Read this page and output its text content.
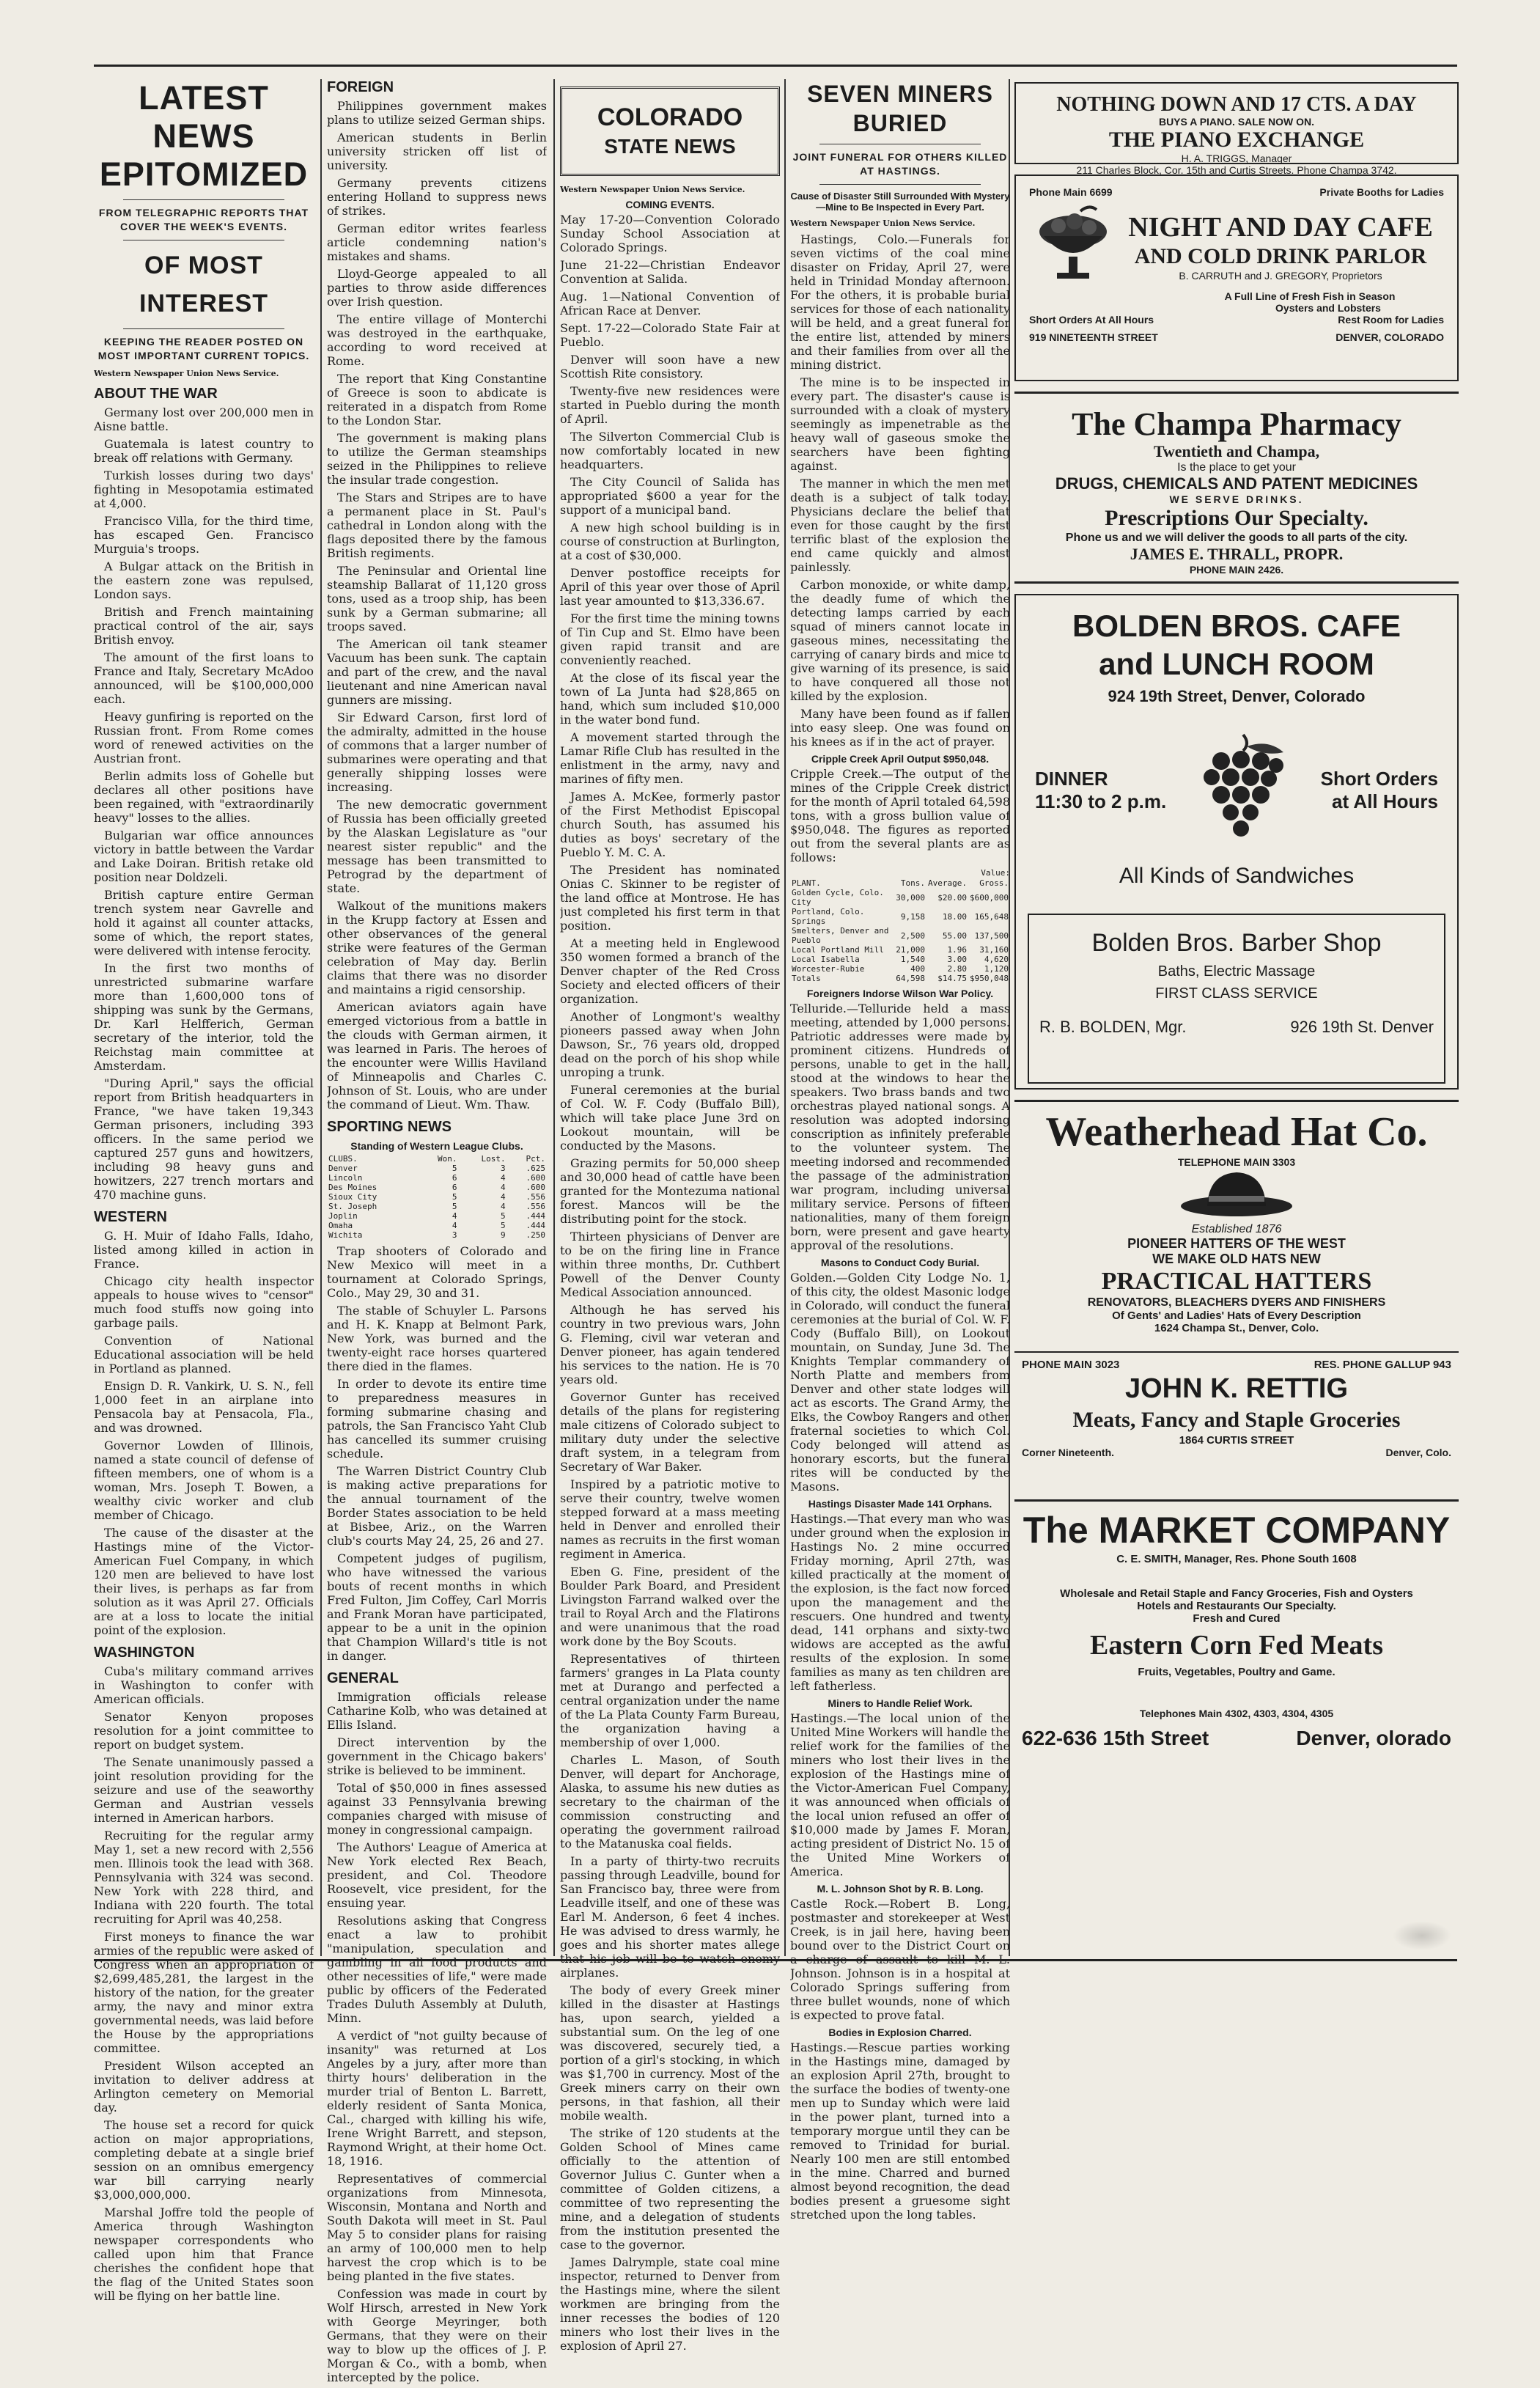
LATEST NEWS
EPITOMIZED
FROM TELEGRAPHIC REPORTS THAT COVER THE WEEK'S EVENTS.
OF MOST INTEREST
KEEPING THE READER POSTED ON MOST IMPORTANT CURRENT TOPICS.
Western Newspaper Union News Service.
ABOUT THE WAR

Germany lost over 200,000 men in Aisne battle.

Guatemala is latest country to break off relations with Germany.

Turkish losses during two days' fighting in Mesopotamia estimated at 4,000.

Francisco Villa, for the third time, has escaped Gen. Francisco Murguia's troops.

A Bulgar attack on the British in the eastern zone was repulsed, London says.

British and French maintaining practical control of the air, says British envoy.

The amount of the first loans to France and Italy, Secretary McAdoo announced, will be $100,000,000 each.

Heavy gunfiring is reported on the Russian front. From Rome comes word of renewed activities on the Austrian front.

Berlin admits loss of Gohelle but declares all other positions have been regained, with "extraordinarily heavy" losses to the allies.

Bulgarian war office announces victory in battle between the Vardar and Lake Doiran. British retake old position near Doldzeli.

British capture entire German trench system near Gavrelle and hold it against all counter attacks, some of which, the report states, were delivered with intense ferocity.

In the first two months of unrestricted submarine warfare more than 1,600,000 tons of shipping was sunk by the Germans, Dr. Karl Helfferich, German secretary of the interior, told the Reichstag main committee at Amsterdam.

"During April," says the official report from British headquarters in France, "we have taken 19,343 German prisoners, including 393 officers. In the same period we captured 257 guns and howitzers, including 98 heavy guns and howitzers, 227 trench mortars and 470 machine guns.

WESTERN

G. H. Muir of Idaho Falls, Idaho, listed among killed in action in France.

Chicago city health inspector appeals to house wives to "censor" much food stuffs now going into garbage pails.

Convention of National Educational association will be held in Portland as planned.

Ensign D. R. Vankirk, U. S. N., fell 1,000 feet in an airplane into Pensacola bay at Pensacola, Fla., and was drowned.

Governor Lowden of Illinois, named a state council of defense of fifteen members, one of whom is a woman, Mrs. Joseph T. Bowen, a wealthy civic worker and club member of Chicago.

The cause of the disaster at the Hastings mine of the Victor-American Fuel Company, in which 120 men are believed to have lost their lives, is perhaps as far from solution as it was April 27. Officials are at a loss to locate the initial point of the explosion.

WASHINGTON

Cuba's military command arrives in Washington to confer with American officials.

Senator Kenyon proposes resolution for a joint committee to report on budget system.

The Senate unanimously passed a joint resolution providing for the seizure and use of the seaworthy German and Austrian vessels interned in American harbors.

Recruiting for the regular army May 1, set a new record with 2,556 men. Illinois took the lead with 368. Pennsylvania with 324 was second. New York with 228 third, and Indiana with 220 fourth. The total recruiting for April was 40,258.

First moneys to finance the war armies of the republic were asked of Congress when an appropriation of $2,699,485,281, the largest in the history of the nation, for the greater army, the navy and minor extra governmental needs, was laid before the House by the appropriations committee.

President Wilson accepted an invitation to deliver address at Arlington cemetery on Memorial day.

The house set a record for quick action on major appropriations, completing debate at a single brief session on an omnibus emergency war bill carrying nearly $3,000,000,000.

Marshal Joffre told the people of America through Washington newspaper correspondents who called upon him that France cherishes the confident hope that the flag of the United States soon will be flying on her battle line.

FOREIGN

Philippines government makes plans to utilize seized German ships.

American students in Berlin university stricken off list of university.

Germany prevents citizens entering Holland to suppress news of strikes.

German editor writes fearless article condemning nation's mistakes and shams.

Lloyd-George appealed to all parties to throw aside differences over Irish question.

The entire village of Monterchi was destroyed in the earthquake, according to word received at Rome.

The report that King Constantine of Greece is soon to abdicate is reiterated in a dispatch from Rome to the London Star.

The government is making plans to utilize the German steamships seized in the Philippines to relieve the insular trade congestion.

The Stars and Stripes are to have a permanent place in St. Paul's cathedral in London along with the flags deposited there by the famous British regiments.

The Peninsular and Oriental line steamship Ballarat of 11,120 gross tons, used as a troop ship, has been sunk by a German submarine; all troops saved.

The American oil tank steamer Vacuum has been sunk. The captain and part of the crew, and the naval lieutenant and nine American naval gunners are missing.

Sir Edward Carson, first lord of the admiralty, admitted in the house of commons that a larger number of submarines were operating and that generally shipping losses were increasing.

The new democratic government of Russia has been officially greeted by the Alaskan Legislature as "our nearest sister republic" and the message has been transmitted to Petrograd by the department of state.

Walkout of the munitions makers in the Krupp factory at Essen and other observances of the general strike were features of the German celebration of May day. Berlin claims that there was no disorder and maintains a rigid censorship.

American aviators again have emerged victorious from a battle in the clouds with German airmen, it was learned in Paris. The heroes of the encounter were Willis Haviland of Minneapolis and Charles C. Johnson of St. Louis, who are under the command of Lieut. Wm. Thaw.

SPORTING NEWS
Standing of Western League Clubs.
CLUBS.	Won.	Lost.	Pct.
Denver	5	3	.625
Lincoln	6	4	.600
Des Moines	6	4	.600
Sioux City	5	4	.556
St. Joseph	5	4	.556
Joplin	4	5	.444
Omaha	4	5	.444
Wichita	3	9	.250

Trap shooters of Colorado and New Mexico will meet in a tournament at Colorado Springs, Colo., May 29, 30 and 31.

The stable of Schuyler L. Parsons and H. K. Knapp at Belmont Park, New York, was burned and the twenty-eight race horses quartered there died in the flames.

In order to devote its entire time to preparedness measures in forming submarine chasing and patrols, the San Francisco Yaht Club has cancelled its summer cruising schedule.

The Warren District Country Club is making active preparations for the annual tournament of the Border States association to be held at Bisbee, Ariz., on the Warren club's courts May 24, 25, 26 and 27.

Competent judges of pugilism, who have witnessed the various bouts of recent months in which Fred Fulton, Jim Coffey, Carl Morris and Frank Moran have participated, appear to be a unit in the opinion that Champion Willard's title is not in danger.

GENERAL

Immigration officials release Catharine Kolb, who was detained at Ellis Island.

Direct intervention by the government in the Chicago bakers' strike is believed to be imminent.

Total of $50,000 in fines assessed against 33 Pennsylvania brewing companies charged with misuse of money in congressional campaign.

The Authors' League of America at New York elected Rex Beach, president, and Col. Theodore Roosevelt, vice president, for the ensuing year.

Resolutions asking that Congress enact a law to prohibit "manipulation, speculation and gambling in all food products and other necessities of life," were made public by officers of the Federated Trades Duluth Assembly at Duluth, Minn.

A verdict of "not guilty because of insanity" was returned at Los Angeles by a jury, after more than thirty hours' deliberation in the murder trial of Benton L. Barrett, elderly resident of Santa Monica, Cal., charged with killing his wife, Irene Wright Barrett, and stepson, Raymond Wright, at their home Oct. 18, 1916.

Representatives of commercial organizations from Minnesota, Wisconsin, Montana and North and South Dakota will meet in St. Paul May 5 to consider plans for raising an army of 100,000 men to help harvest the crop which is to be being planted in the five states.

Confession was made in court by Wolf Hirsch, arrested in New York with George Meyringer, both Germans, that they were on their way to blow up the offices of J. P. Morgan & Co., with a bomb, when intercepted by the police.

COLORADO
STATE NEWS
Western Newspaper Union News Service.
COMING EVENTS.

May 17-20—Convention Colorado Sunday School Association at Colorado Springs.

June 21-22—Christian Endeavor Convention at Salida.

Aug. 1—National Convention of African Race at Denver.

Sept. 17-22—Colorado State Fair at Pueblo.

Denver will soon have a new Scottish Rite consistory.

Twenty-five new residences were started in Pueblo during the month of April.

The Silverton Commercial Club is now comfortably located in new headquarters.

The City Council of Salida has appropriated $600 a year for the support of a municipal band.

A new high school building is in course of construction at Burlington, at a cost of $30,000.

Denver postoffice receipts for April of this year over those of April last year amounted to $13,336.67.

For the first time the mining towns of Tin Cup and St. Elmo have been given rapid transit and are conveniently reached.

At the close of its fiscal year the town of La Junta had $28,865 on hand, which sum included $10,000 in the water bond fund.

A movement started through the Lamar Rifle Club has resulted in the enlistment in the army, navy and marines of fifty men.

James A. McKee, formerly pastor of the First Methodist Episcopal church South, has assumed his duties as boys' secretary of the Pueblo Y. M. C. A.

The President has nominated Onias C. Skinner to be register of the land office at Montrose. He has just completed his first term in that position.

At a meeting held in Englewood 350 women formed a branch of the Denver chapter of the Red Cross Society and elected officers of their organization.

Another of Longmont's wealthy pioneers passed away when John Dawson, Sr., 76 years old, dropped dead on the porch of his shop while unroping a trunk.

Funeral ceremonies at the burial of Col. W. F. Cody (Buffalo Bill), which will take place June 3rd on Lookout mountain, will be conducted by the Masons.

Grazing permits for 50,000 sheep and 30,000 head of cattle have been granted for the Montezuma national forest. Mancos will be the distributing point for the stock.

Thirteen physicians of Denver are to be on the firing line in France within three months, Dr. Cuthbert Powell of the Denver County Medical Association announced.

Although he has served his country in two previous wars, John G. Fleming, civil war veteran and Denver pioneer, has again tendered his services to the nation. He is 70 years old.

Governor Gunter has received details of the plans for registering male citizens of Colorado subject to military duty under the selective draft system, in a telegram from Secretary of War Baker.

Inspired by a patriotic motive to serve their country, twelve women stepped forward at a mass meeting held in Denver and enrolled their names as recruits in the first woman regiment in America.

Eben G. Fine, president of the Boulder Park Board, and President Livingston Farrand walked over the trail to Royal Arch and the Flatirons and were unanimous that the road work done by the Boy Scouts.

Representatives of thirteen farmers' granges in La Plata county met at Durango and perfected a central organization under the name of the La Plata County Farm Bureau, the organization having a membership of over 1,000.

Charles L. Mason, of South Denver, will depart for Anchorage, Alaska, to assume his new duties as secretary to the chairman of the commission constructing and operating the government railroad to the Matanuska coal fields.

In a party of thirty-two recruits passing through Leadville, bound for San Francisco bay, three were from Leadville itself, and one of these was Earl M. Anderson, 6 feet 4 inches. He was advised to dress warmly, he goes and his shorter mates allege that his job will be to watch enemy airplanes.

The body of every Greek miner killed in the disaster at Hastings has, upon search, yielded a substantial sum. On the leg of one was discovered, securely tied, a portion of a girl's stocking, in which was $1,700 in currency. Most of the Greek miners carry on their own persons, in that fashion, all their mobile wealth.

The strike of 120 students at the Golden School of Mines came officially to the attention of Governor Julius C. Gunter when a committee of Golden citizens, a committee of two representing the mine, and a delegation of students from the institution presented the case to the governor.

James Dalrymple, state coal mine inspector, returned to Denver from the Hastings mine, where the silent workmen are bringing from the inner recesses the bodies of 120 miners who lost their lives in the explosion of April 27.

SEVEN MINERS BURIED
JOINT FUNERAL FOR OTHERS KILLED AT HASTINGS.
Cause of Disaster Still Surrounded With Mystery—Mine to Be Inspected in Every Part.
Western Newspaper Union News Service.

Hastings, Colo.—Funerals for seven victims of the coal mine disaster on Friday, April 27, were held in Trinidad Monday afternoon. For the others, it is probable burial services for those of each nationality will be held, and a great funeral for the entire list, attended by miners and their families from over all the mining district.

The mine is to be inspected in every part. The disaster's cause is surrounded with a cloak of mystery seemingly as impenetrable as the heavy wall of gaseous smoke the searchers have been fighting against.

The manner in which the men met death is a subject of talk today. Physicians declare the belief that even for those caught by the first terrific blast of the explosion the end came quickly and almost painlessly.

Carbon monoxide, or white damp, the deadly fume of which the detecting lamps carried by each squad of miners cannot locate in gaseous mines, necessitating the carrying of canary birds and mice to give warning of its presence, is said to have conquered all those not killed by the explosion.

Many have been found as if fallen into easy sleep. One was found on his knees as if in the act of prayer.

Cripple Creek April Output $950,048.

Cripple Creek.—The output of the mines of the Cripple Creek district for the month of April totaled 64,598 tons, with a gross bullion value of $950,048. The figures as reported out from the several plants are as follows:

Value:
PLANT.	Tons.	Average.	Gross.
Golden Cycle, Colo. City	30,000	$20.00	$600,000
Portland, Colo. Springs	9,158	18.00	165,648
Smelters, Denver and Pueblo	2,500	55.00	137,500
Local Portland Mill	21,000	1.96	31,160
Local Isabella	1,540	3.00	4,620
Worcester-Rubie	400	2.80	1,120
Totals	64,598	$14.75	$950,048
Foreigners Indorse Wilson War Policy.

Telluride.—Telluride held a mass meeting, attended by 1,000 persons. Patriotic addresses were made by prominent citizens. Hundreds of persons, unable to get in the hall, stood at the windows to hear the speakers. Two brass bands and two orchestras played national songs. A resolution was adopted indorsing conscription as infinitely preferable to the volunteer system. The meeting indorsed and recommended the passage of the administration war program, including universal military service. Persons of fifteen nationalities, many of them foreign born, were present and gave hearty approval of the resolutions.

Masons to Conduct Cody Burial.

Golden.—Golden City Lodge No. 1, of this city, the oldest Masonic lodge in Colorado, will conduct the funeral ceremonies at the burial of Col. W. F. Cody (Buffalo Bill), on Lookout mountain, on Sunday, June 3d. The Knights Templar commandery of North Platte and members from Denver and other state lodges will act as escorts. The Grand Army, the Elks, the Cowboy Rangers and other fraternal societies to which Col. Cody belonged will attend as honorary escorts, but the funeral rites will be conducted by the Masons.

Hastings Disaster Made 141 Orphans.

Hastings.—That every man who was under ground when the explosion in Hastings No. 2 mine occurred Friday morning, April 27th, was killed practically at the moment of the explosion, is the fact now forced upon the management and the rescuers. One hundred and twenty dead, 141 orphans and sixty-two widows are accepted as the awful results of the explosion. In some families as many as ten children are left fatherless.

Miners to Handle Relief Work.

Hastings.—The local union of the United Mine Workers will handle the relief work for the families of the miners who lost their lives in the explosion of the Hastings mine of the Victor-American Fuel Company, it was announced when officials of the local union refused an offer of $10,000 made by James F. Moran, acting president of District No. 15 of the United Mine Workers of America.

M. L. Johnson Shot by R. B. Long.

Castle Rock.—Robert B. Long, postmaster and storekeeper at West Creek, is in jail here, having been bound over to the District Court on a charge of assault to kill M. L. Johnson. Johnson is in a hospital at Colorado Springs suffering from three bullet wounds, none of which is expected to prove fatal.

Bodies in Explosion Charred.

Hastings.—Rescue parties working in the Hastings mine, damaged by an explosion April 27th, brought to the surface the bodies of twenty-one men up to Sunday which were laid in the power plant, turned into a temporary morgue until they can be removed to Trinidad for burial. Nearly 100 men are still entombed in the mine. Charred and burned almost beyond recognition, the dead bodies present a gruesome sight stretched upon the long tables.

NOTHING DOWN AND 17 CTS. A DAY
BUYS A PIANO. SALE NOW ON.
THE PIANO EXCHANGE
H. A. TRIGGS, Manager
211 Charles Block, Cor. 15th and Curtis Streets. Phone Champa 3742.
Phone Main 6699	Private Booths for Ladies
NIGHT AND DAY CAFE
AND COLD DRINK PARLOR
B. CARRUTH and J. GREGORY, Proprietors
A Full Line of Fresh Fish in Season
Oysters and Lobsters
Short Orders At All Hours	Rest Room for Ladies
919 NINETEENTH STREET	DENVER, COLORADO
The Champa Pharmacy
Twentieth and Champa,
Is the place to get your
DRUGS, CHEMICALS AND PATENT MEDICINES
WE SERVE DRINKS.
Prescriptions Our Specialty.
Phone us and we will deliver the goods to all parts of the city.
JAMES E. THRALL, PROPR.
PHONE MAIN 2426.
BOLDEN BROS. CAFE
and LUNCH ROOM
924 19th Street, Denver, Colorado
DINNER
11:30 to 2 p.m.
Short Orders
at All Hours
All Kinds of Sandwiches
Bolden Bros. Barber Shop
Baths, Electric Massage
FIRST CLASS SERVICE
R. B. BOLDEN, Mgr.	926 19th St. Denver
Weatherhead Hat Co.
TELEPHONE MAIN 3303
Established 1876
PIONEER HATTERS OF THE WEST
WE MAKE OLD HATS NEW
PRACTICAL HATTERS
RENOVATORS, BLEACHERS DYERS AND FINISHERS
Of Gents' and Ladies' Hats of Every Description
1624 Champa St., Denver, Colo.
PHONE MAIN 3023	RES. PHONE GALLUP 943
JOHN K. RETTIG
Meats, Fancy and Staple Groceries
1864 CURTIS STREET
Corner Nineteenth.	Denver, Colo.
The MARKET COMPANY
C. E. SMITH, Manager, Res. Phone South 1608
Wholesale and Retail Staple and Fancy Groceries, Fish and Oysters
Hotels and Restaurants Our Specialty.
Fresh and Cured
Eastern Corn Fed Meats
Fruits, Vegetables, Poultry and Game.
Telephones Main 4302, 4303, 4304, 4305
622-636 15th Street	Denver, olorado
